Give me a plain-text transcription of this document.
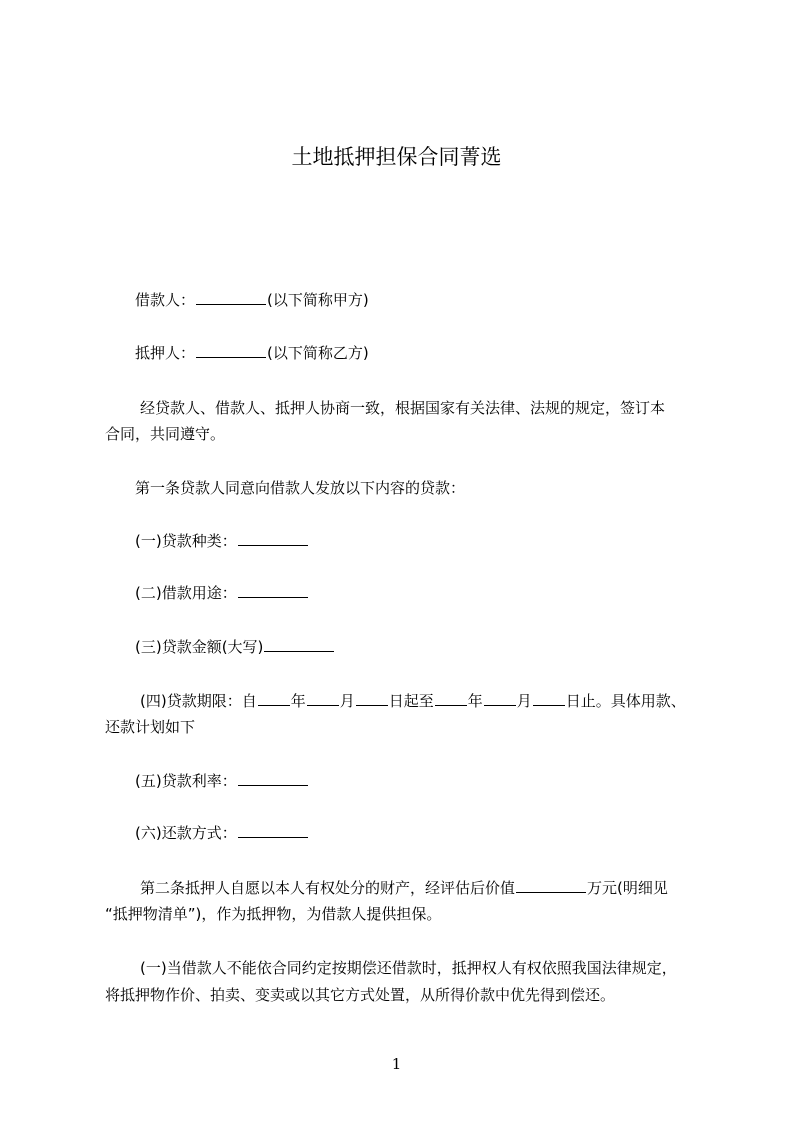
土地抵押担保合同菁选

借款人：	(以下简称甲方)

抵押人：	(以下简称乙方)

经贷款人、借款人、抵押人协商一致，根据国家有关法律、法规的规定，签订本

合同，共同遵守。

第一条贷款人同意向借款人发放以下内容的贷款：

(一)贷款种类：

(二)借款用途：

(三)贷款金额(大写)

(四)贷款期限：自 年 月 日起至 年 月 日止。具体用款、

还款计划如下

(五)贷款利率：

(六)还款方式：

第二条抵押人自愿以本人有权处分的财产，经评估后价值	万元(明细见

“抵押物清单”)，作为抵押物，为借款人提供担保。

(一)当借款人不能依合同约定按期偿还借款时，抵押权人有权依照我国法律规定，

将抵押物作价、拍卖、变卖或以其它方式处置，从所得价款中优先得到偿还。

1
